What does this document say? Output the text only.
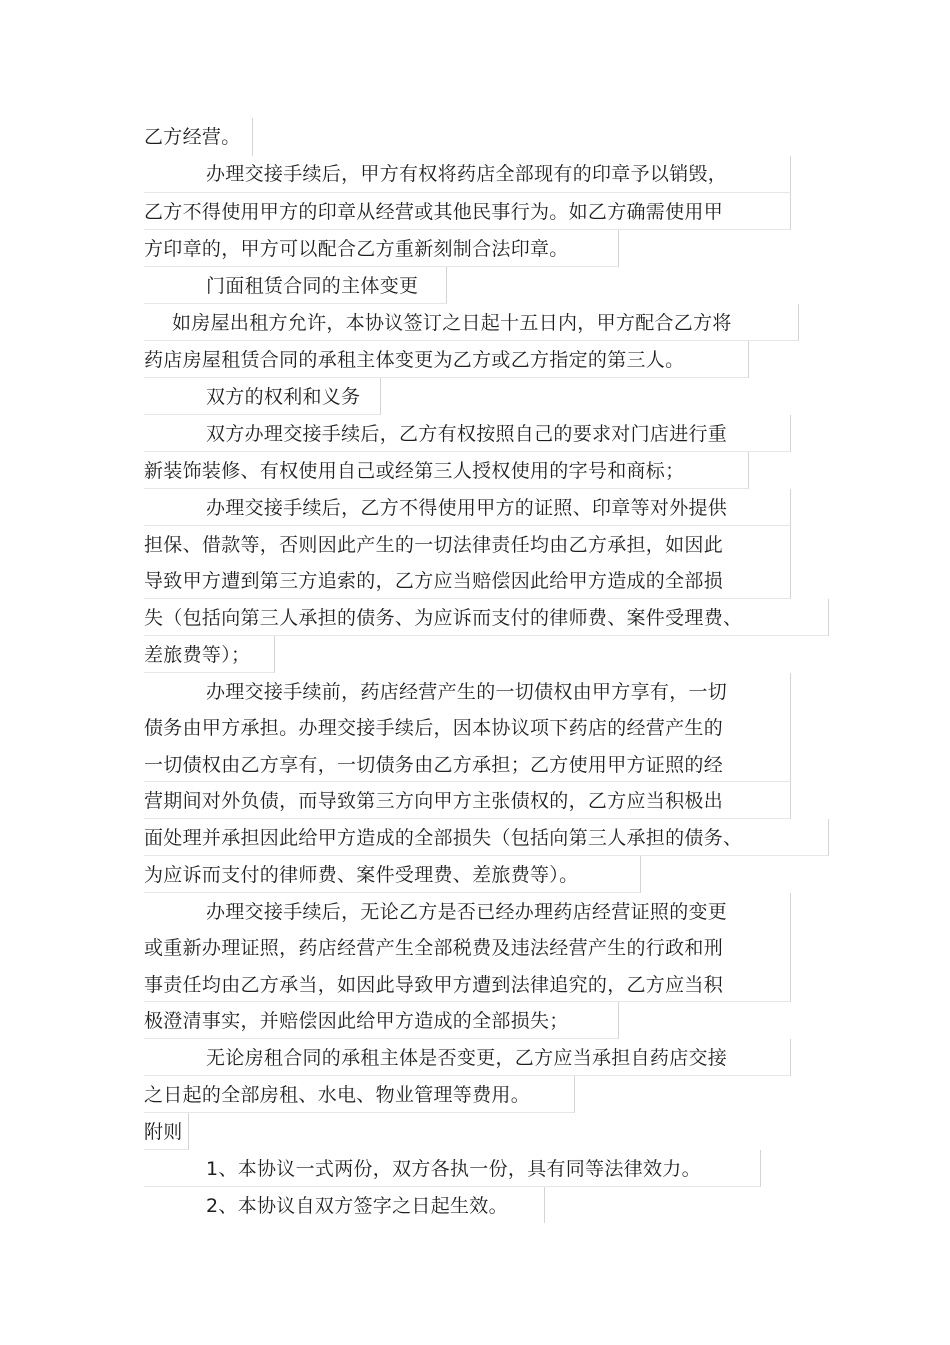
乙方经营。
办理交接手续后，甲方有权将药店全部现有的印章予以销毁，
乙方不得使用甲方的印章从经营或其他民事行为。如乙方确需使用甲
方印章的，甲方可以配合乙方重新刻制合法印章。
门面租赁合同的主体变更
如房屋出租方允许，本协议签订之日起十五日内，甲方配合乙方将
药店房屋租赁合同的承租主体变更为乙方或乙方指定的第三人。
双方的权利和义务
双方办理交接手续后，乙方有权按照自己的要求对门店进行重
新装饰装修、有权使用自己或经第三人授权使用的字号和商标；
办理交接手续后，乙方不得使用甲方的证照、印章等对外提供
担保、借款等，否则因此产生的一切法律责任均由乙方承担，如因此
导致甲方遭到第三方追索的，乙方应当赔偿因此给甲方造成的全部损
失（包括向第三人承担的债务、为应诉而支付的律师费、案件受理费、
差旅费等）；
办理交接手续前，药店经营产生的一切债权由甲方享有，一切
债务由甲方承担。办理交接手续后，因本协议项下药店的经营产生的
一切债权由乙方享有，一切债务由乙方承担；乙方使用甲方证照的经
营期间对外负债，而导致第三方向甲方主张债权的，乙方应当积极出
面处理并承担因此给甲方造成的全部损失（包括向第三人承担的债务、
为应诉而支付的律师费、案件受理费、差旅费等）。
办理交接手续后，无论乙方是否已经办理药店经营证照的变更
或重新办理证照，药店经营产生全部税费及违法经营产生的行政和刑
事责任均由乙方承当，如因此导致甲方遭到法律追究的，乙方应当积
极澄清事实，并赔偿因此给甲方造成的全部损失；
无论房租合同的承租主体是否变更，乙方应当承担自药店交接
之日起的全部房租、水电、物业管理等费用。
附则
1、本协议一式两份，双方各执一份，具有同等法律效力。
2、本协议自双方签字之日起生效。
